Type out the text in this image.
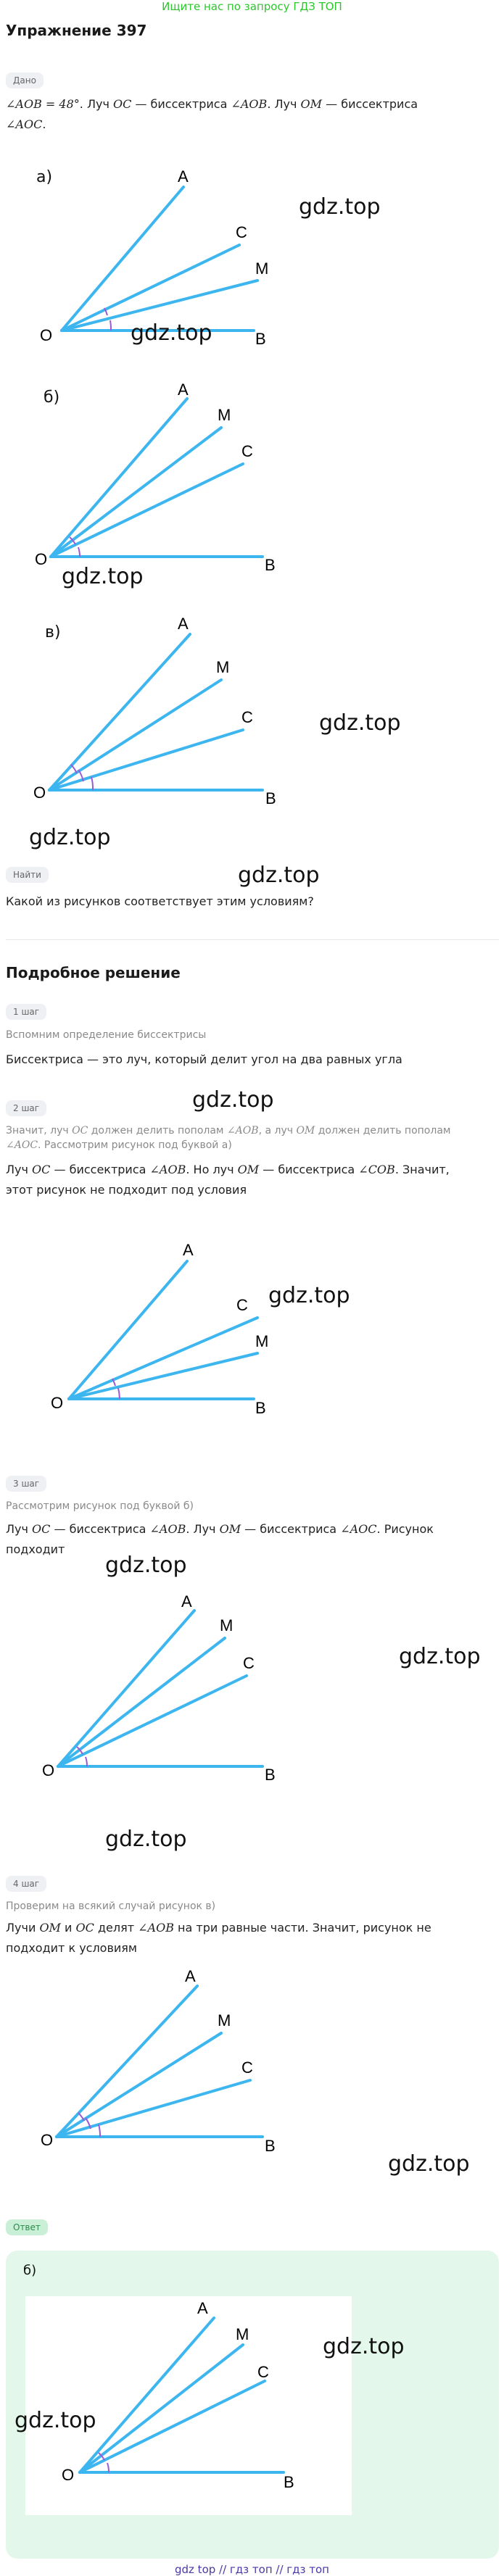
Ищите нас по запросу ГДЗ ТОП
Упражнение 397
Дано
∠AOB = 48°. Луч OC — биссектриса ∠AOB. Луч OM — биссектриса
∠AOC.
а)	A
C
M
O	B
gdz.top
gdz.top
б)	A
M
C
O	B
gdz.top
в)	A
M
C
O	B
gdz.top
gdz.top
gdz.top
Найти
Какой из рисунков соответствует этим условиям?
Подробное решение
1 шаг
Вспомним определение биссектрисы
Биссектриса — это луч, который делит угол на два равных угла
gdz.top
2 шаг
Значит, луч OC должен делить пополам ∠AOB, а луч OM должен делить пополам
∠AOC. Рассмотрим рисунок под буквой а)
Луч OC — биссектриса ∠AOB. Но луч OM — биссектриса ∠COB. Значит,
этот рисунок не подходит под условия
A
C
M
O	B
gdz.top
3 шаг
Рассмотрим рисунок под буквой б)
Луч OC — биссектриса ∠AOB. Луч OM — биссектриса ∠AOC. Рисунок
подходит
gdz.top
A
M
C
O	B
gdz.top
gdz.top
4 шаг
Проверим на всякий случай рисунок в)
Лучи OM и OC делят ∠AOB на три равные части. Значит, рисунок не
подходит к условиям
A
M
C
O	B
gdz.top
Ответ
б)
A
M
C
O	B
gdz.top
gdz.top
gdz top // гдз топ // гдз топ
